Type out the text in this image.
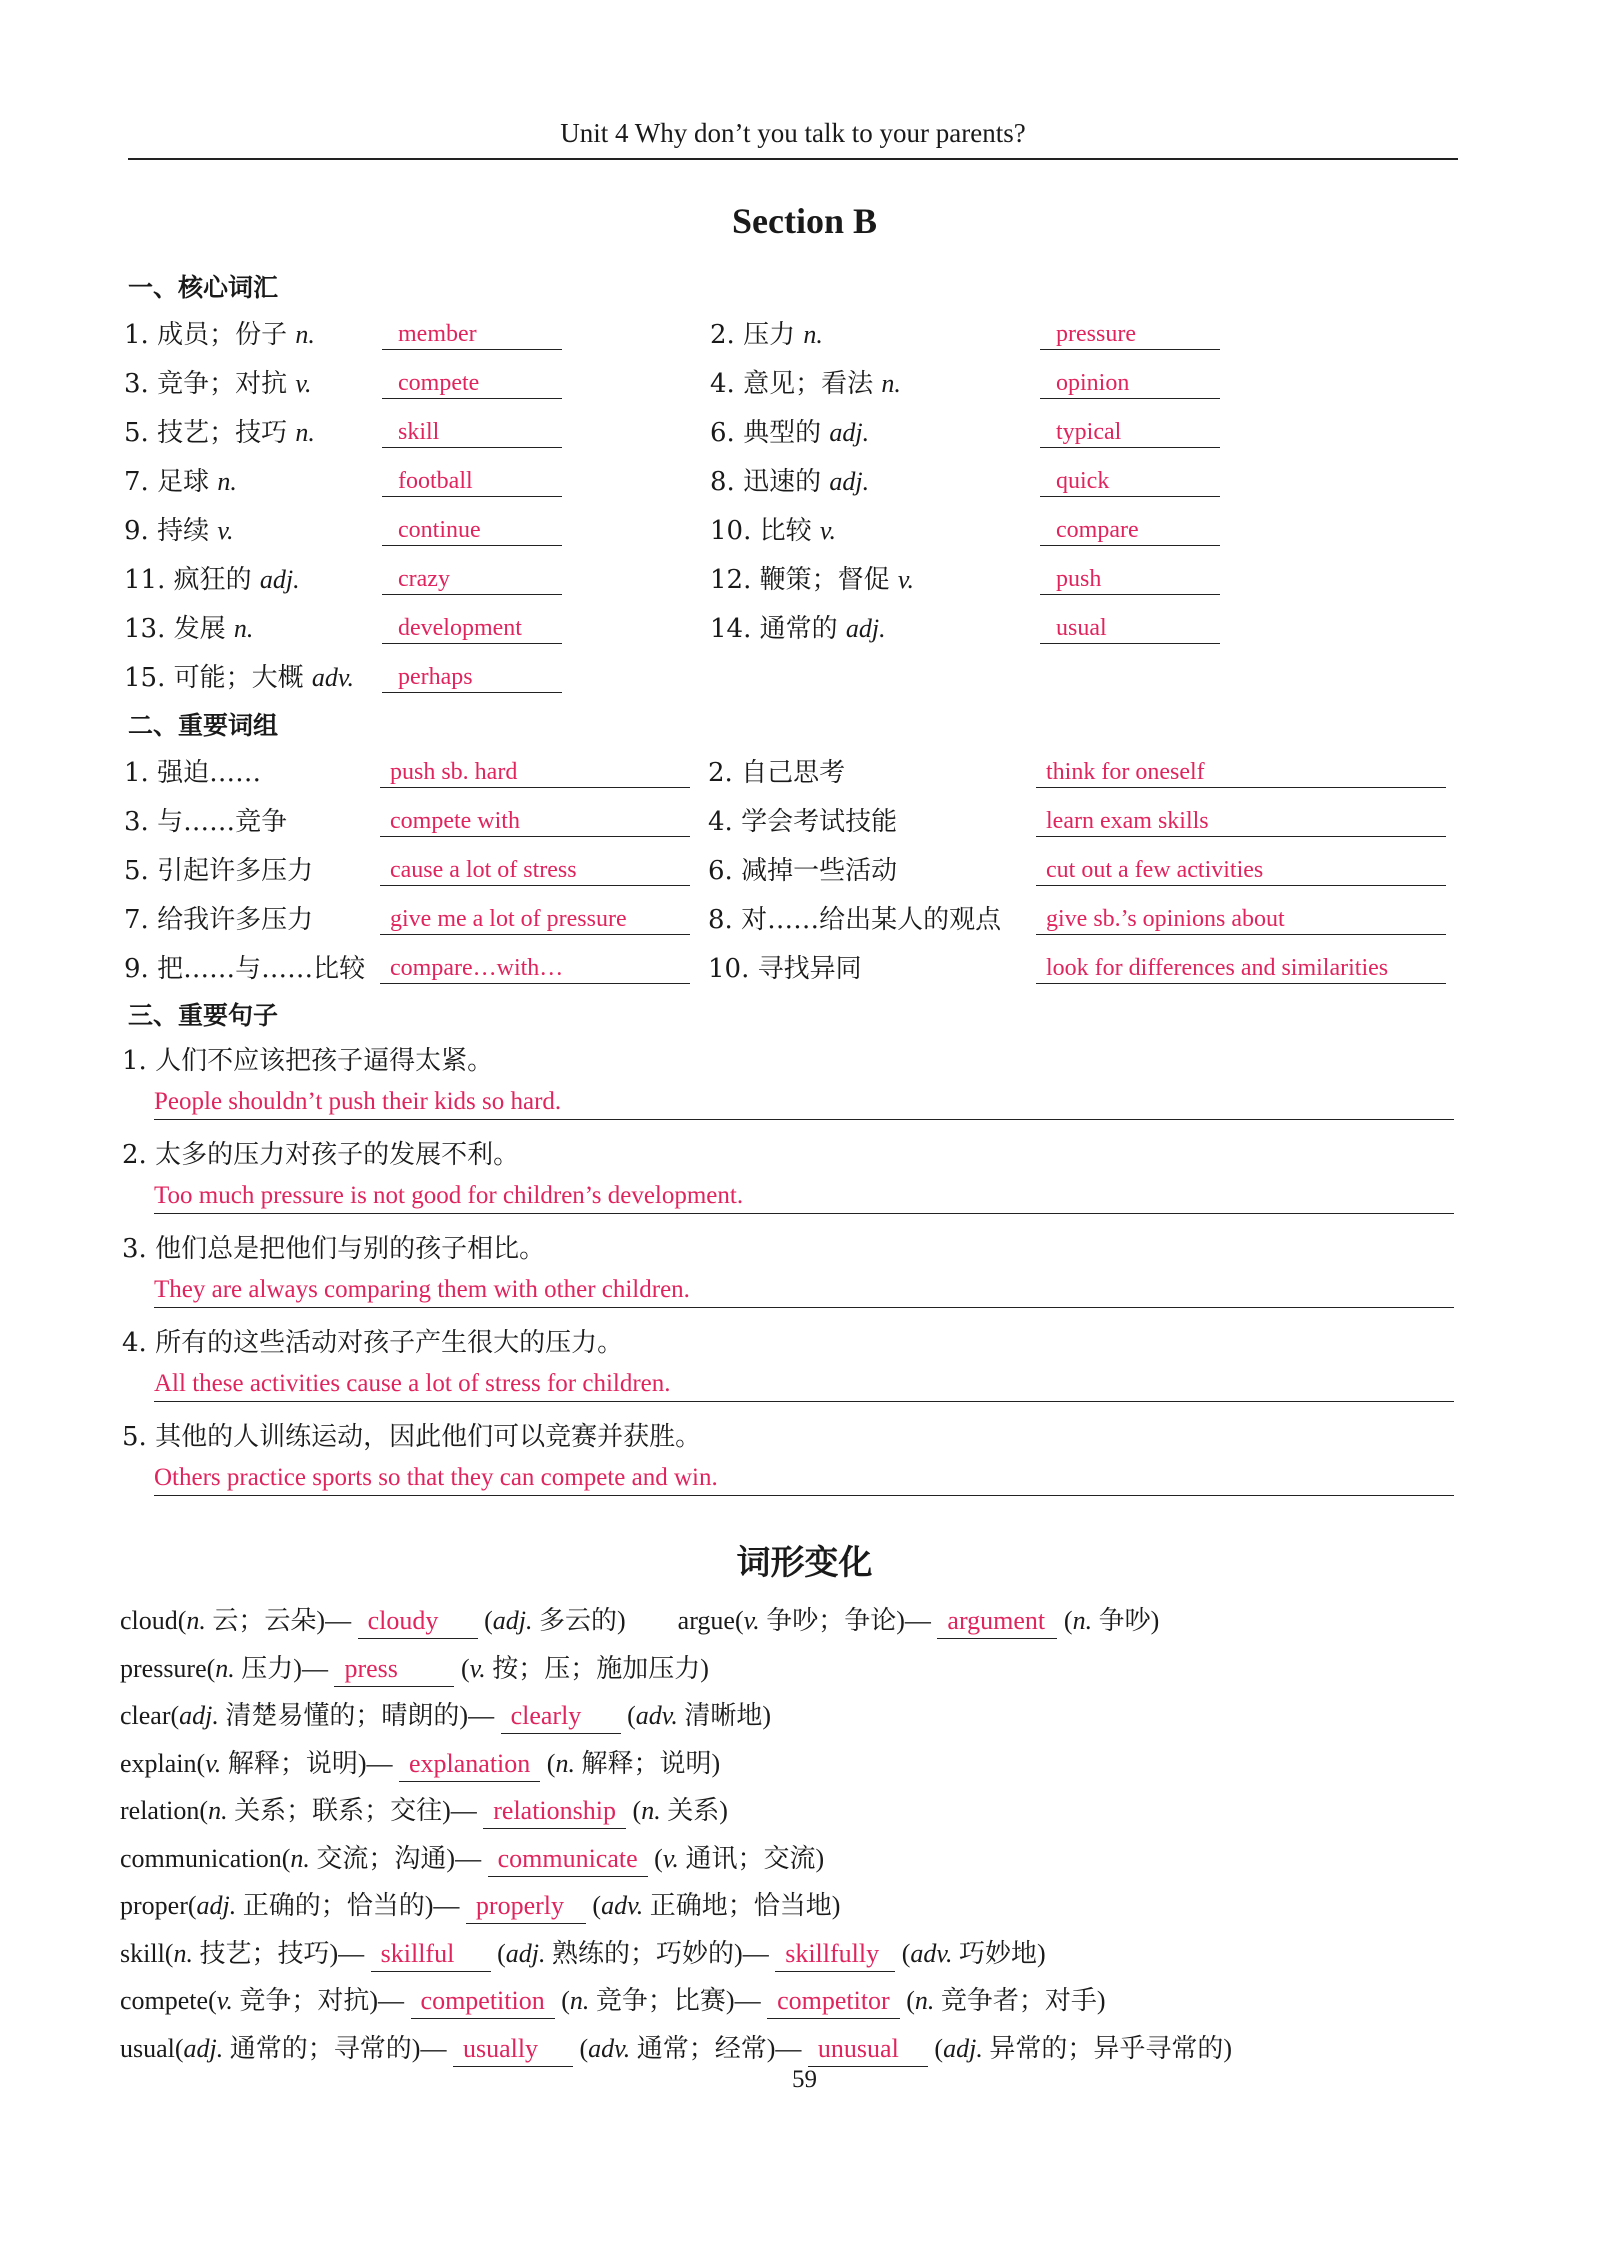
Unit 4 Why don’t you talk to your parents?
Section B
一、核心词汇
1. 成员；份子 n.	member	2. 压力 n.	pressure
3. 竞争；对抗 v.	compete	4. 意见；看法 n.	opinion
5. 技艺；技巧 n.	skill	6. 典型的 adj.	typical
7. 足球 n.	football	8. 迅速的 adj.	quick
9. 持续 v.	continue	10. 比较 v.	compare
11. 疯狂的 adj.	crazy	12. 鞭策；督促 v.	push
13. 发展 n.	development	14. 通常的 adj.	usual
15. 可能；大概 adv.	perhaps
二、重要词组
1. 强迫……	push sb. hard	2. 自己思考	think for oneself
3. 与……竞争	compete with	4. 学会考试技能	learn exam skills
5. 引起许多压力	cause a lot of stress	6. 减掉一些活动	cut out a few activities
7. 给我许多压力	give me a lot of pressure	8. 对……给出某人的观点	give sb.’s opinions about
9. 把……与……比较	compare…with…	10. 寻找异同	look for differences and similarities
三、重要句子
1. 人们不应该把孩子逼得太紧。
People shouldn’t push their kids so hard.
2. 太多的压力对孩子的发展不利。
Too much pressure is not good for children’s development.
3. 他们总是把他们与别的孩子相比。
They are always comparing them with other children.
4. 所有的这些活动对孩子产生很大的压力。
All these activities cause a lot of stress for children.
5. 其他的人训练运动，因此他们可以竞赛并获胜。
Others practice sports so that they can compete and win.
词形变化
cloud(n. 云；云朵)— cloudy (adj. 多云的)        argue(v. 争吵；争论)— argument (n. 争吵)
pressure(n. 压力)— press (v. 按；压；施加压力)
clear(adj. 清楚易懂的；晴朗的)— clearly (adv. 清晰地)
explain(v. 解释；说明)— explanation (n. 解释；说明)
relation(n. 关系；联系；交往)— relationship (n. 关系)
communication(n. 交流；沟通)— communicate (v. 通讯；交流)
proper(adj. 正确的；恰当的)— properly (adv. 正确地；恰当地)
skill(n. 技艺；技巧)— skillful (adj. 熟练的；巧妙的)— skillfully (adv. 巧妙地)
compete(v. 竞争；对抗)— competition (n. 竞争；比赛)— competitor (n. 竞争者；对手)
usual(adj. 通常的；寻常的)— usually (adv. 通常；经常)— unusual (adj. 异常的；异乎寻常的)
59
